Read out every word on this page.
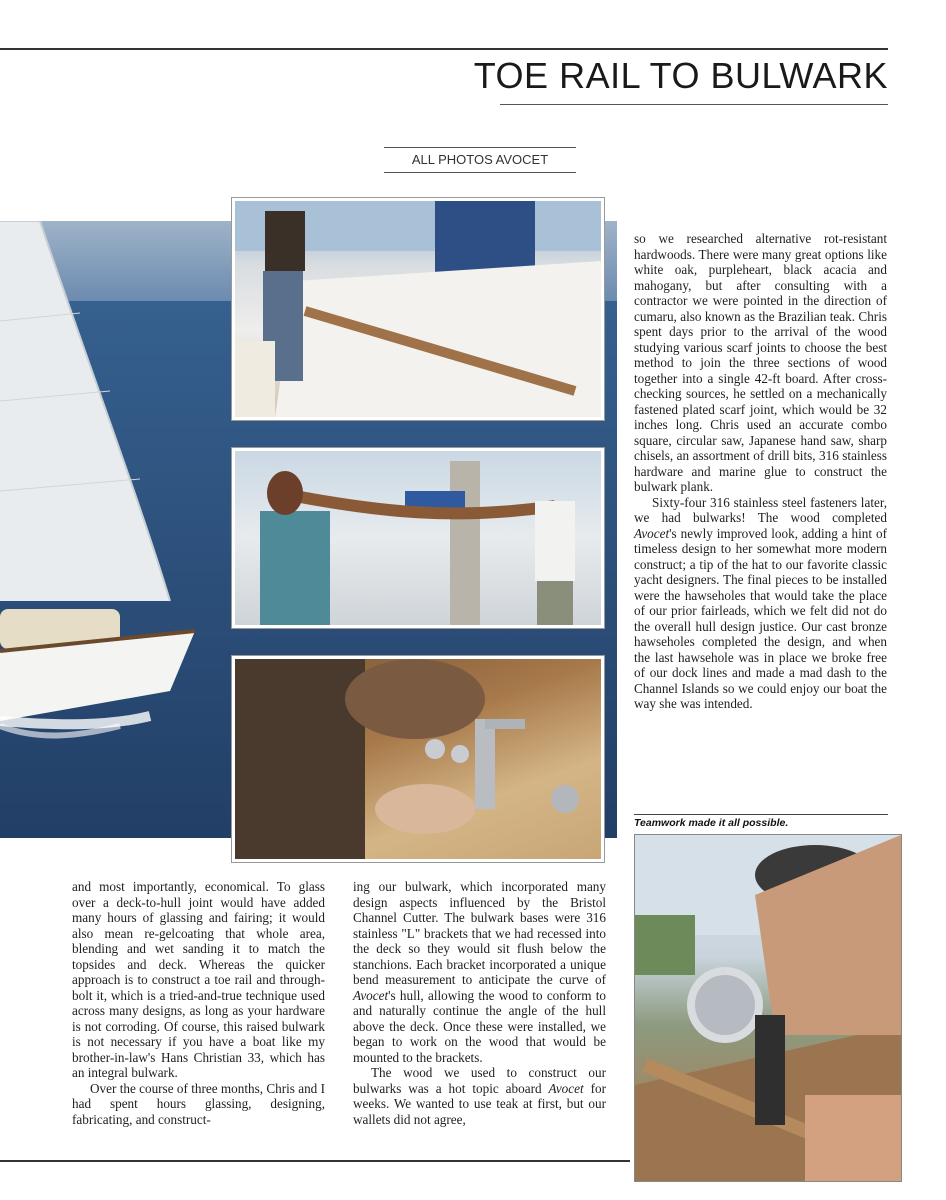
TOE RAIL TO BULWARK
ALL PHOTOS AVOCET

and most importantly, economical. To glass over a deck-to-hull joint would have added many hours of glassing and fairing; it would also mean re-gelcoating that whole area, blending and wet sanding it to match the topsides and deck. Whereas the quicker approach is to construct a toe rail and through-bolt it, which is a tried-and-true technique used across many designs, as long as your hardware is not corroding. Of course, this raised bulwark is not necessary if you have a boat like my brother-in-law's Hans Christian 33, which has an integral bulwark.

Over the course of three months, Chris and I had spent hours glassing, designing, fabricating, and construct-

ing our bulwark, which incorporated many design aspects influenced by the Bristol Channel Cutter. The bulwark bases were 316 stainless "L" brackets that we had recessed into the deck so they would sit flush below the stanchions. Each bracket incorporated a unique bend measurement to anticipate the curve of Avocet's hull, allowing the wood to conform to and naturally continue the angle of the hull above the deck. Once these were installed, we began to work on the wood that would be mounted to the brackets.

The wood we used to construct our bulwarks was a hot topic aboard Avocet for weeks. We wanted to use teak at first, but our wallets did not agree,

so we researched alternative rot-resistant hardwoods. There were many great options like white oak, purpleheart, black acacia and mahogany, but after consulting with a contractor we were pointed in the direction of cumaru, also known as the Brazilian teak. Chris spent days prior to the arrival of the wood studying various scarf joints to choose the best method to join the three sections of wood together into a single 42-ft board. After cross-checking sources, he settled on a mechanically fastened plated scarf joint, which would be 32 inches long. Chris used an accurate combo square, circular saw, Japanese hand saw, sharp chisels, an assortment of drill bits, 316 stainless hardware and marine glue to construct the bulwark plank.

Sixty-four 316 stainless steel fasteners later, we had bulwarks! The wood completed Avocet's newly improved look, adding a hint of timeless design to her somewhat more modern construct; a tip of the hat to our favorite classic yacht designers. The final pieces to be installed were the hawseholes that would take the place of our prior fairleads, which we felt did not do the overall hull design justice. Our cast bronze hawseholes completed the design, and when the last hawsehole was in place we broke free of our dock lines and made a mad dash to the Channel Islands so we could enjoy our boat the way she was intended.

Teamwork made it all possible.
